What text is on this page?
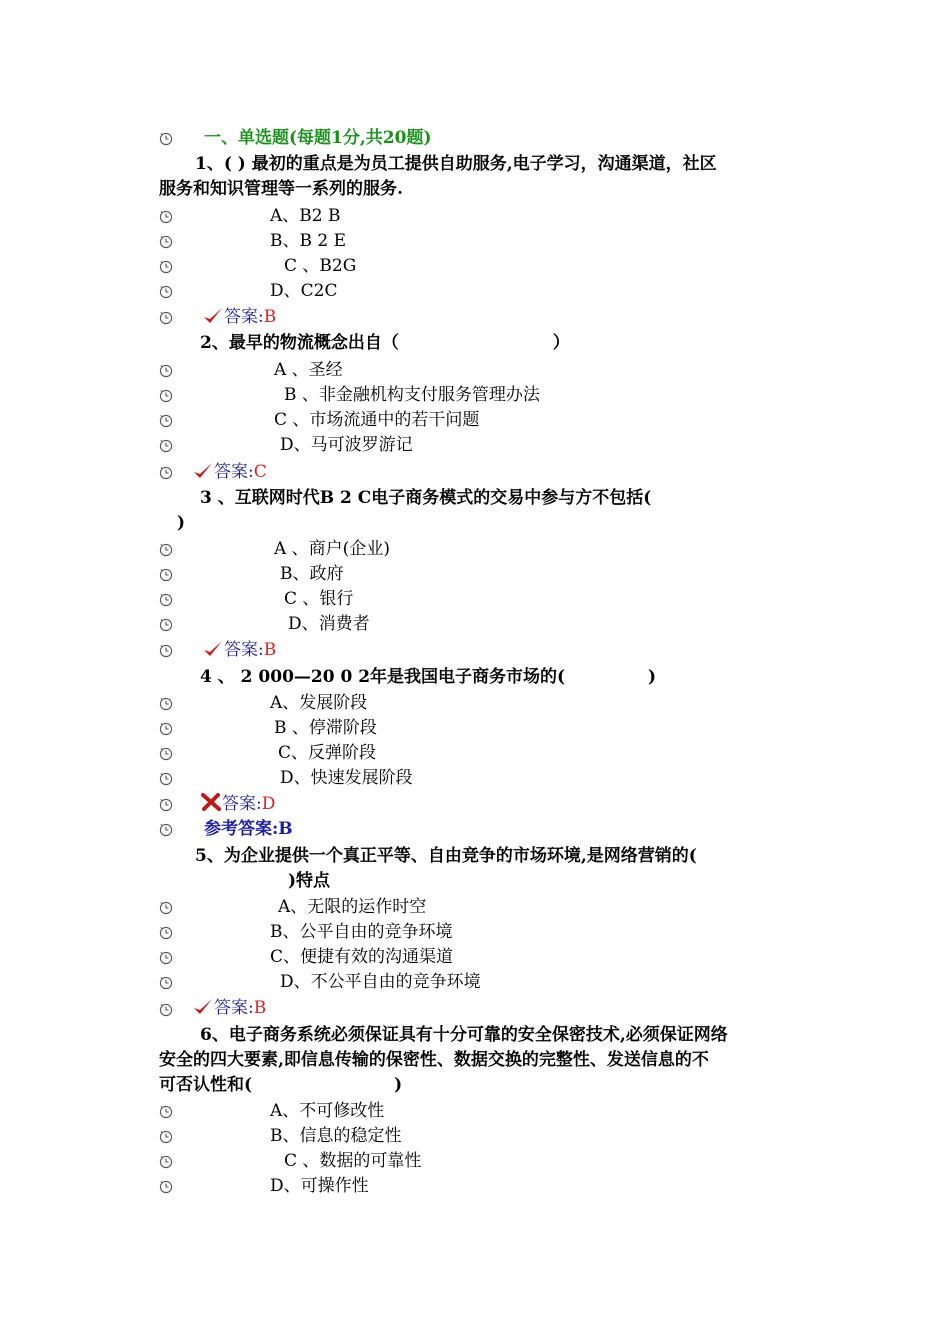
一、单选题(每题1分,共20题)
1、( ) 最初的重点是为员工提供自助服务,电子学习，沟通渠道，社区
服务和知识管理等一系列的服务.
A、B2 B
B、B 2 E
C 、B2G
D、C2C
答案:B
2、最早的物流概念出自（                          ）
A 、圣经
B 、非金融机构支付服务管理办法
C 、市场流通中的若干问题
D、马可波罗游记
答案:C
3 、互联网时代B 2 C电子商务模式的交易中参与方不包括(
)
A 、商户(企业)
B、政府
C 、银行
D、消费者
答案:B
4 、 2 000—20 0 2年是我国电子商务市场的(              )
A、发展阶段
B 、停滞阶段
C、反弹阶段
D、快速发展阶段
答案:D
参考答案:B
5、为企业提供一个真正平等、自由竞争的市场环境,是网络营销的(
)特点
A、无限的运作时空
B、公平自由的竞争环境
C、便捷有效的沟通渠道
D、不公平自由的竞争环境
答案:B
6、电子商务系统必须保证具有十分可靠的安全保密技术,必须保证网络
安全的四大要素,即信息传输的保密性、数据交换的完整性、发送信息的不
可否认性和(                        )
A、不可修改性
B、信息的稳定性
C 、数据的可靠性
D、可操作性
